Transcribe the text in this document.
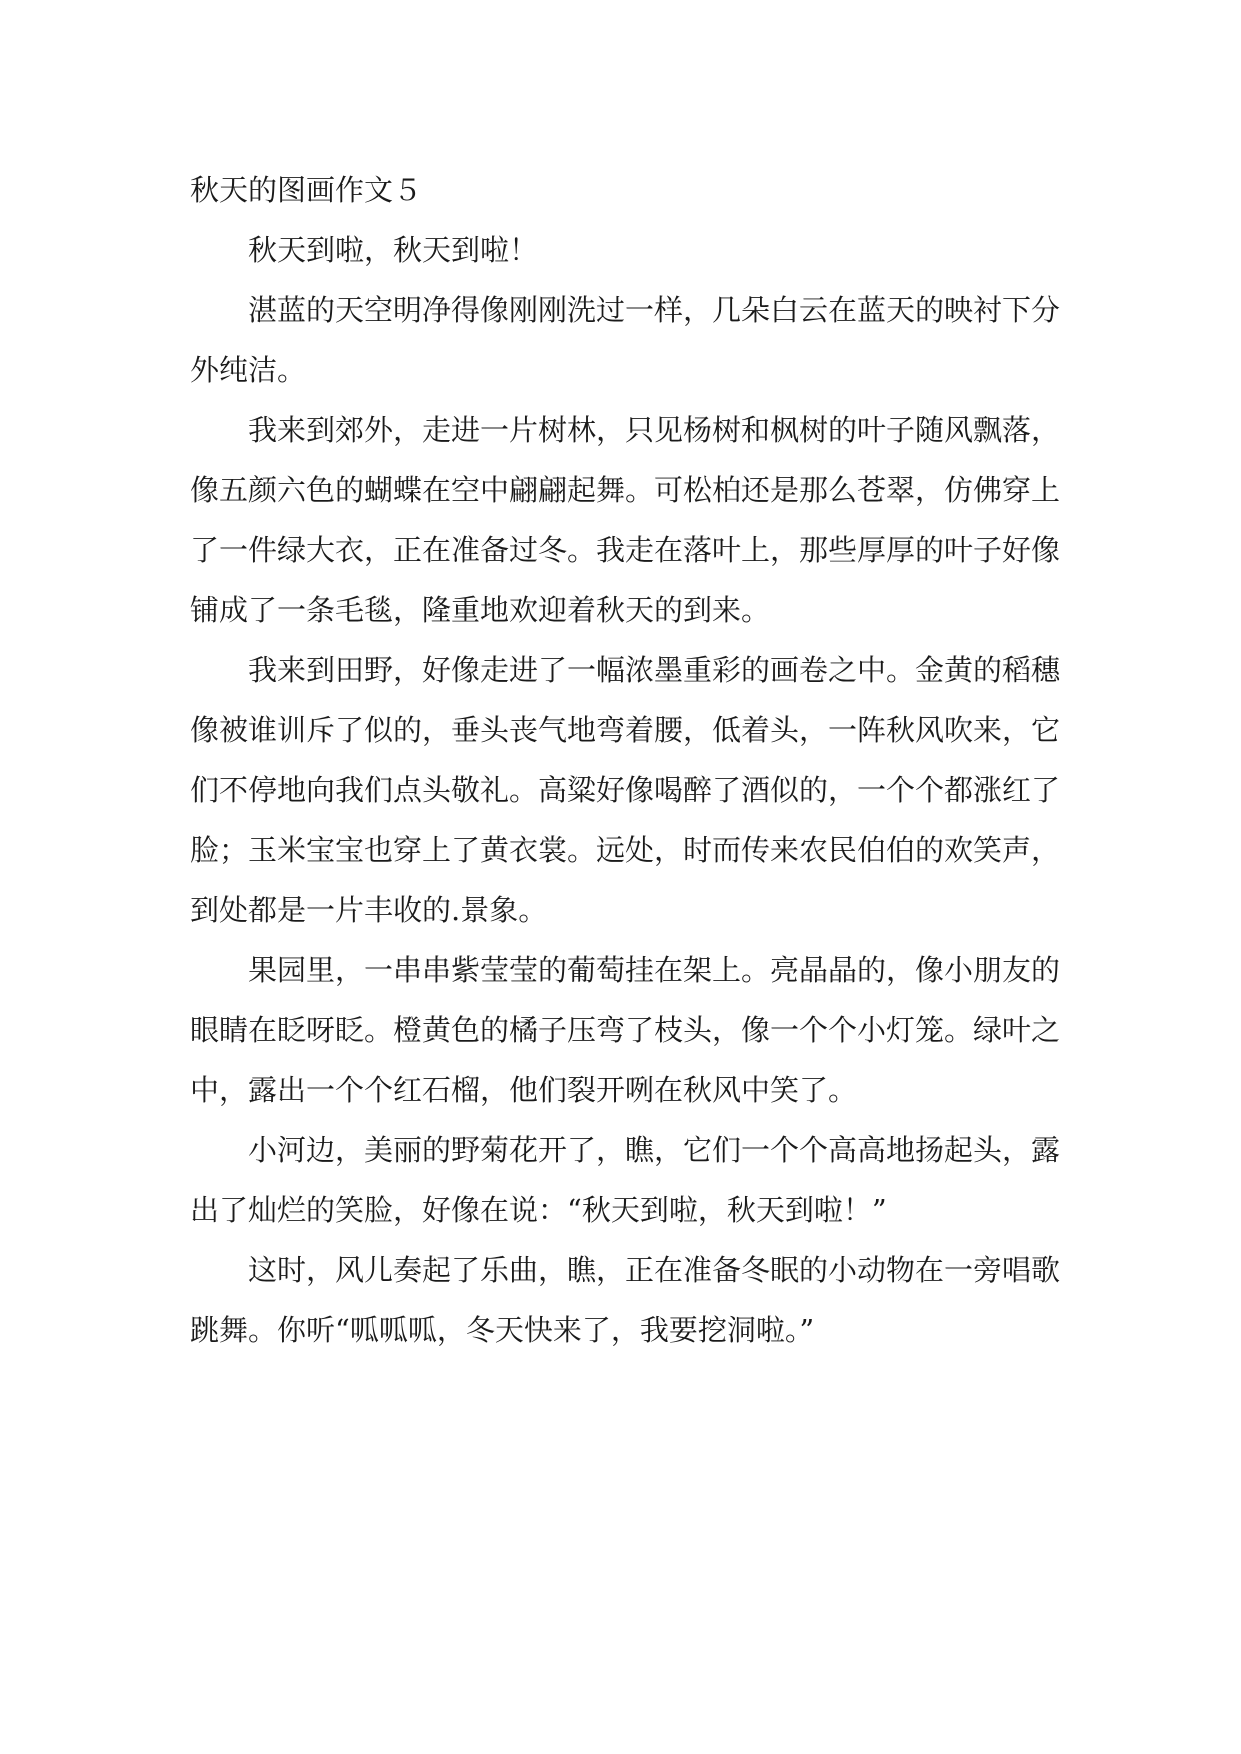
秋天的图画作文５

秋天到啦，秋天到啦！

湛蓝的天空明净得像刚刚洗过一样，几朵白云在蓝天的映衬下分外纯洁。

我来到郊外，走进一片树林，只见杨树和枫树的叶子随风飘落，像五颜六色的蝴蝶在空中翩翩起舞。可松柏还是那么苍翠，仿佛穿上了一件绿大衣，正在准备过冬。我走在落叶上，那些厚厚的叶子好像铺成了一条毛毯，隆重地欢迎着秋天的到来。

我来到田野，好像走进了一幅浓墨重彩的画卷之中。金黄的稻穗像被谁训斥了似的，垂头丧气地弯着腰，低着头，一阵秋风吹来，它们不停地向我们点头敬礼。高粱好像喝醉了酒似的，一个个都涨红了脸；玉米宝宝也穿上了黄衣裳。远处，时而传来农民伯伯的欢笑声，到处都是一片丰收的.景象。

果园里，一串串紫莹莹的葡萄挂在架上。亮晶晶的，像小朋友的眼睛在眨呀眨。橙黄色的橘子压弯了枝头，像一个个小灯笼。绿叶之中，露出一个个红石榴，他们裂开咧在秋风中笑了。

小河边，美丽的野菊花开了，瞧，它们一个个高高地扬起头，露出了灿烂的笑脸，好像在说：“秋天到啦，秋天到啦！”

这时，风儿奏起了乐曲，瞧，正在准备冬眠的小动物在一旁唱歌跳舞。你听“呱呱呱，冬天快来了，我要挖洞啦。”
